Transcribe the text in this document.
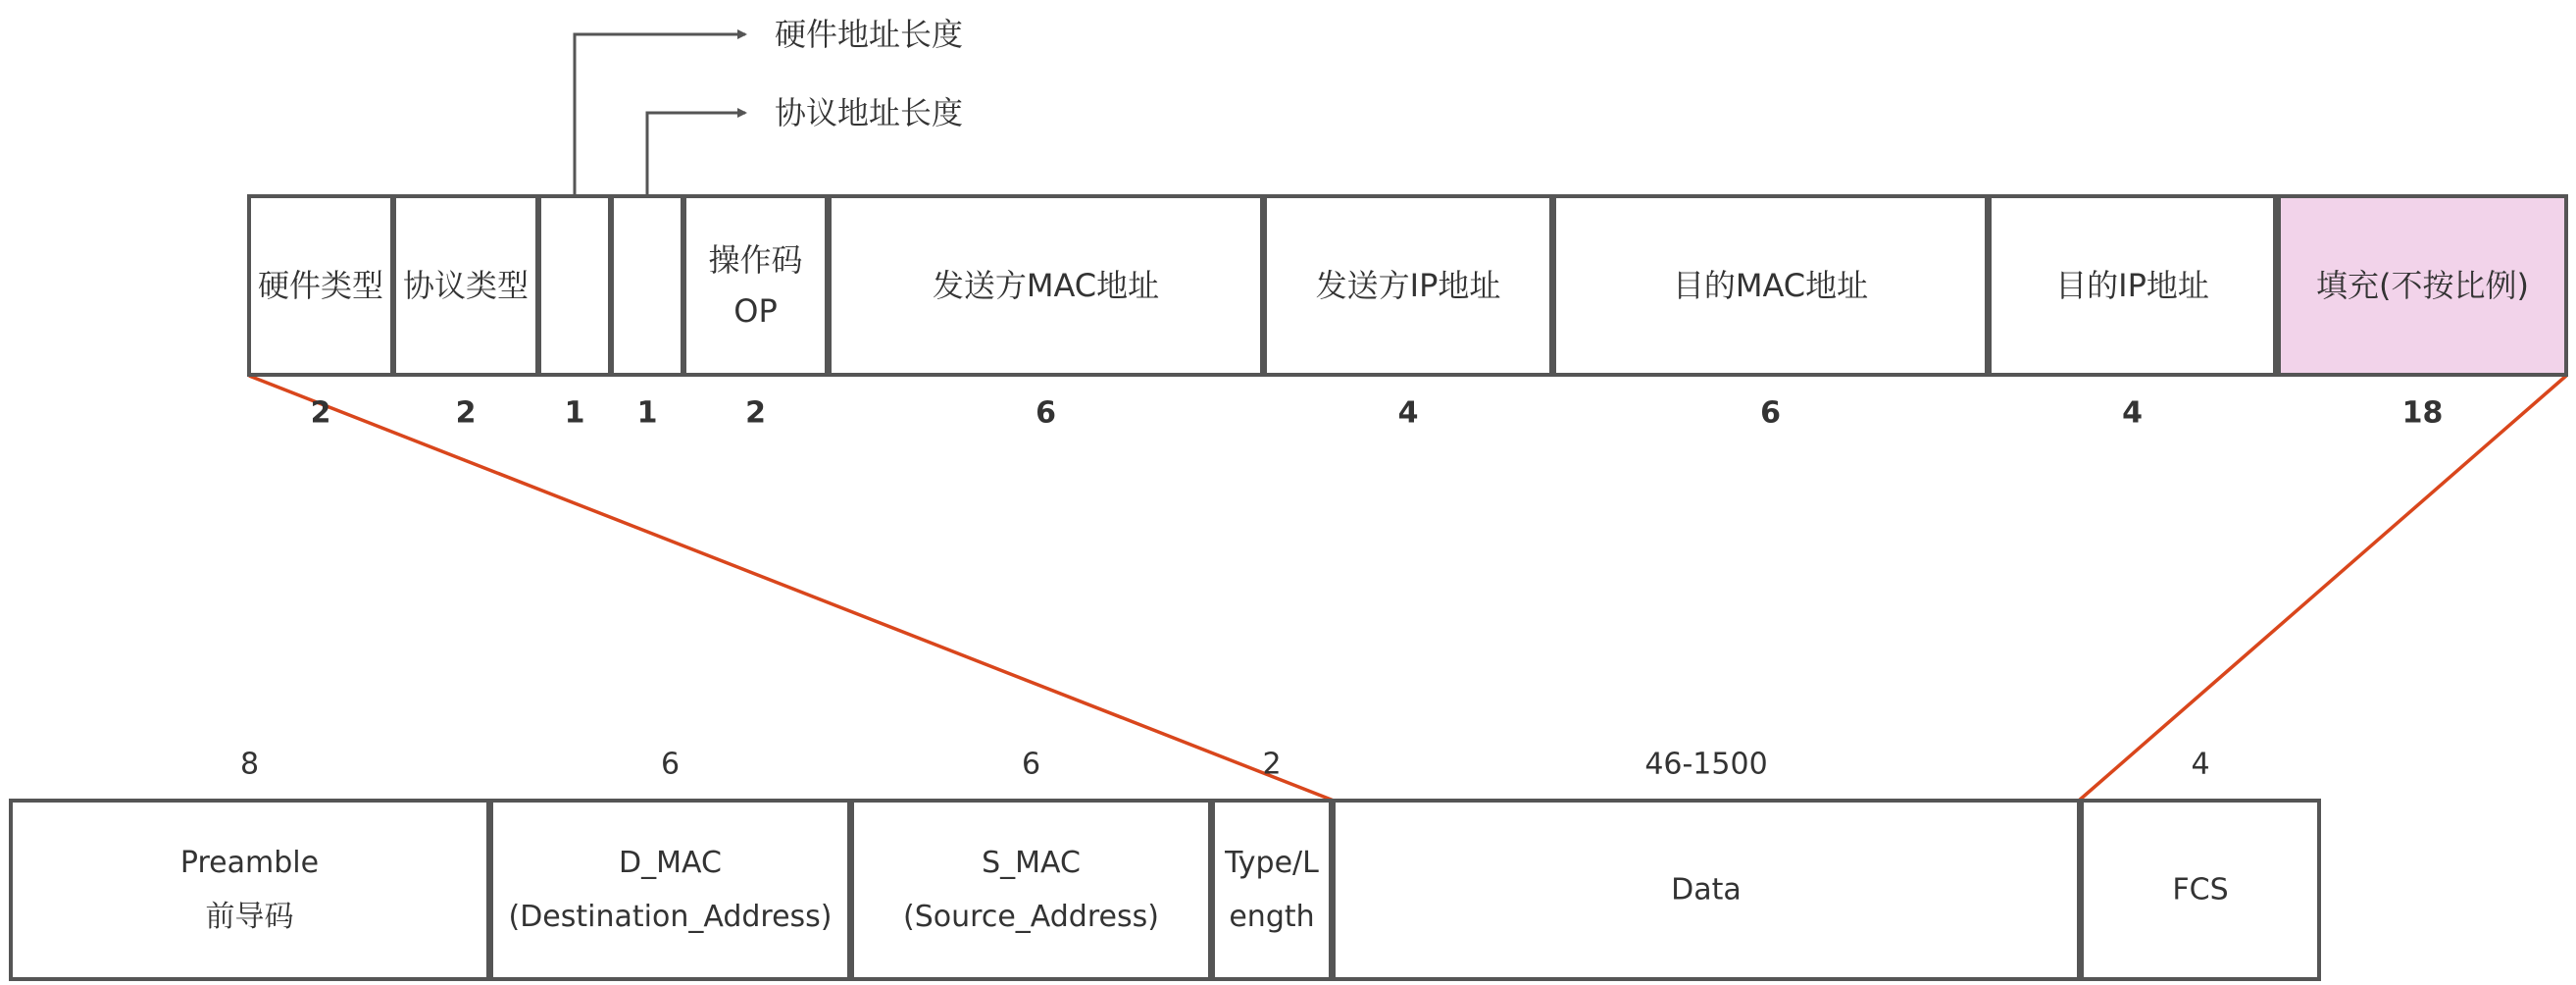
硬件类型
2
协议类型
2	1 1
操作码
OP
2
发送方MAC地址
6
发送方IP地址
4
目的MAC地址
6
目的IP地址
4
填充(不按比例)
18
Preamble
前导码
8
D_MAC
(Destination_Address)
6
S_MAC
(Source_Address)
6
Type/L
ength
2
Data
46-1500
FCS
4
硬件地址长度
协议地址长度
